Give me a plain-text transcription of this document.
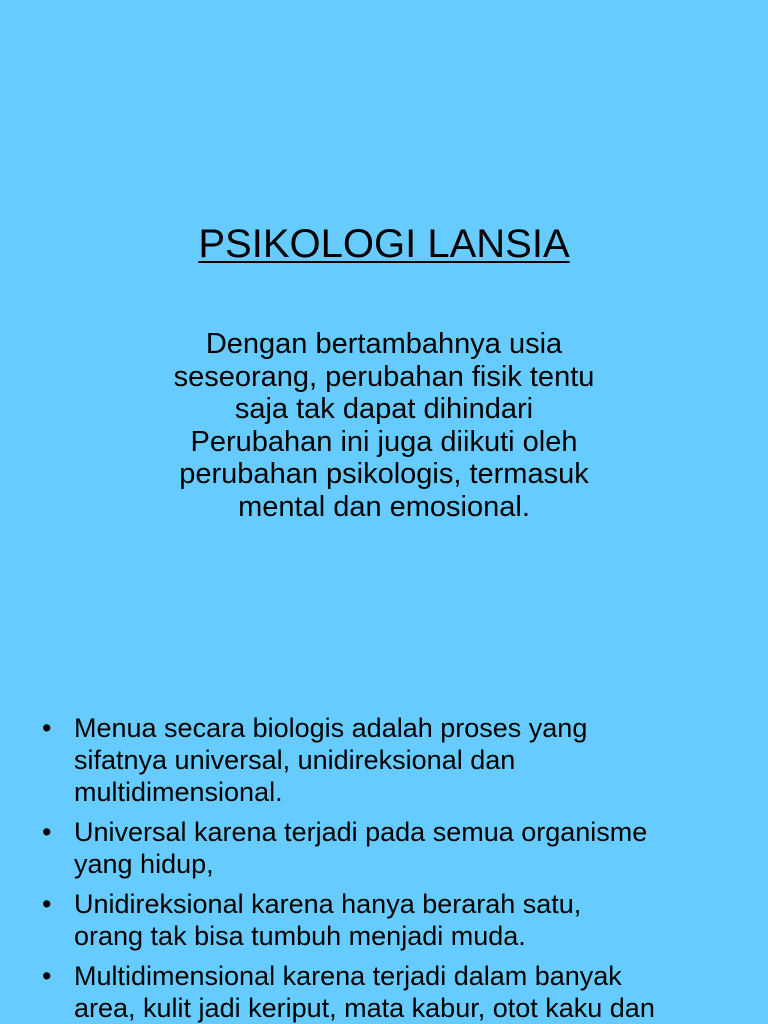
PSIKOLOGI LANSIA

Dengan bertambahnya usia
seseorang, perubahan fisik tentu
saja tak dapat dihindari
Perubahan ini juga diikuti oleh
perubahan psikologis, termasuk
mental dan emosional.

• Menua secara biologis adalah proses yang
sifatnya universal, unidireksional dan
multidimensional.
• Universal karena terjadi pada semua organisme
yang hidup,
• Unidireksional karena hanya berarah satu,
orang tak bisa tumbuh menjadi muda.
• Multidimensional karena terjadi dalam banyak
area, kulit jadi keriput, mata kabur, otot kaku dan
